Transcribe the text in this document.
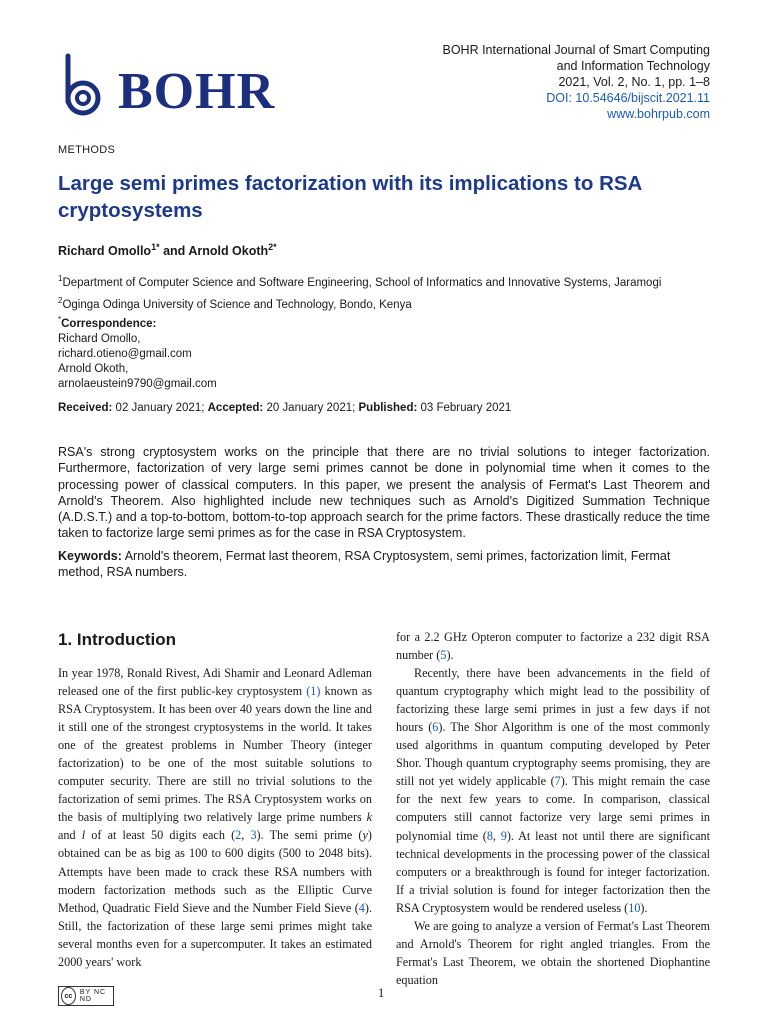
BOHR
BOHR International Journal of Smart Computing
and Information Technology
2021, Vol. 2, No. 1, pp. 1–8
DOI: 10.54646/bijscit.2021.11
www.bohrpub.com
METHODS
Large semi primes factorization with its implications to RSA cryptosystems
Richard Omollo$^{1*}$ and Arnold Okoth$^{2*}$
$^1$Department of Computer Science and Software Engineering, School of Informatics and Innovative Systems, Jaramogi
$^2$Oginga Odinga University of Science and Technology, Bondo, Kenya
*Correspondence:
Richard Omollo,
richard.otieno@gmail.com
Arnold Okoth,
arnolaeustein9790@gmail.com
Received: 02 January 2021; Accepted: 20 January 2021; Published: 03 February 2021
RSA's strong cryptosystem works on the principle that there are no trivial solutions to integer factorization. Furthermore, factorization of very large semi primes cannot be done in polynomial time when it comes to the processing power of classical computers. In this paper, we present the analysis of Fermat's Last Theorem and Arnold's Theorem. Also highlighted include new techniques such as Arnold's Digitized Summation Technique (A.D.S.T.) and a top-to-bottom, bottom-to-top approach search for the prime factors. These drastically reduce the time taken to factorize large semi primes as for the case in RSA Cryptosystem.
Keywords: Arnold's theorem, Fermat last theorem, RSA Cryptosystem, semi primes, factorization limit, Fermat method, RSA numbers.
1. Introduction

In year 1978, Ronald Rivest, Adi Shamir and Leonard Adleman released one of the first public-key cryptosystem (1) known as RSA Cryptosystem. It has been over 40 years down the line and it still one of the strongest cryptosystems in the world. It takes one of the greatest problems in Number Theory (integer factorization) to be one of the most suitable solutions to computer security. There are still no trivial solutions to the factorization of semi primes. The RSA Cryptosystem works on the basis of multiplying two relatively large prime numbers k and l of at least 50 digits each (2, 3). The semi prime (y) obtained can be as big as 100 to 600 digits (500 to 2048 bits). Attempts have been made to crack these RSA numbers with modern factorization methods such as the Elliptic Curve Method, Quadratic Field Sieve and the Number Field Sieve (4). Still, the factorization of these large semi primes might take several months even for a supercomputer. It takes an estimated 2000 years' work

for a 2.2 GHz Opteron computer to factorize a 232 digit RSA number (5).

Recently, there have been advancements in the field of quantum cryptography which might lead to the possibility of factorizing these large semi primes in just a few days if not hours (6). The Shor Algorithm is one of the most commonly used algorithms in quantum computing developed by Peter Shor. Though quantum cryptography seems promising, they are still not yet widely applicable (7). This might remain the case for the next few years to come. In comparison, classical computers still cannot factorize very large semi primes in polynomial time (8, 9). At least not until there are significant technical developments in the processing power of the classical computers or a breakthrough is found for integer factorization. If a trivial solution is found for integer factorization then the RSA Cryptosystem would be rendered useless (10).

We are going to analyze a version of Fermat's Last Theorem and Arnold's Theorem for right angled triangles. From the Fermat's Last Theorem, we obtain the shortened Diophantine equation

cc	BY NC ND	1
